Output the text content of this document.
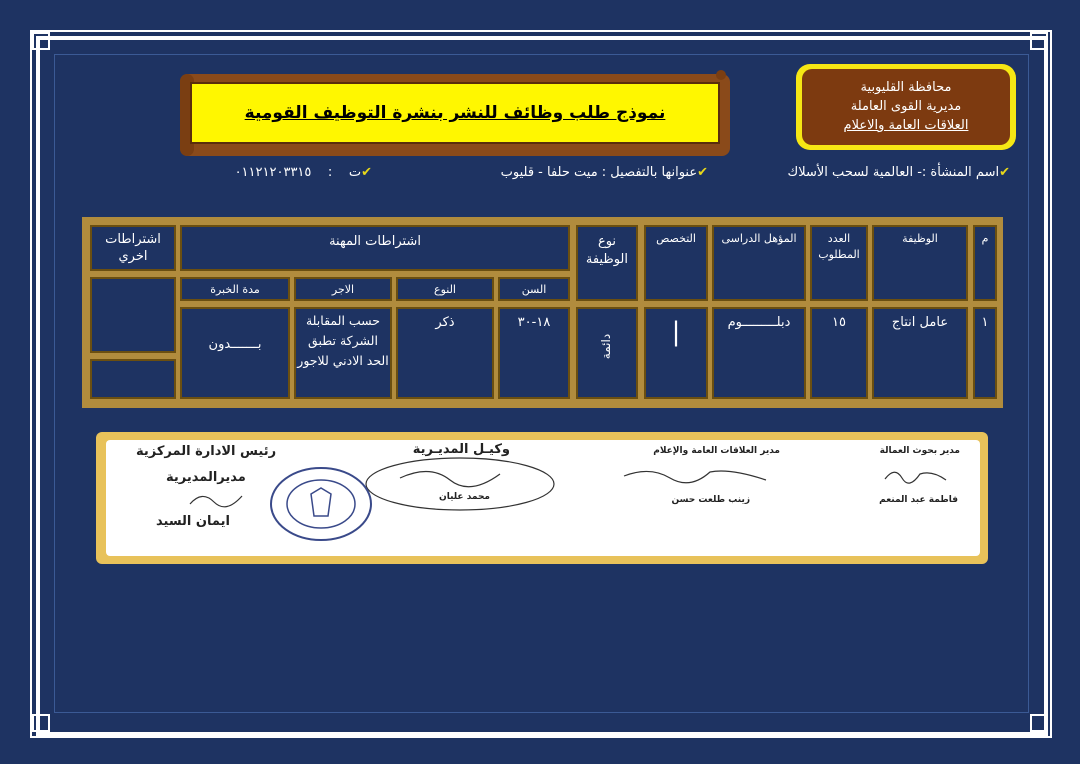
نموذج طلب وظائف للنشر بنشرة التوظيف القومية
محافظة القليوبية
مديرية القوى العاملة
العلاقات العامة والاعلام
✔اسم المنشأة :- العالمية لسحب الأسلاك
✔عنوانها بالتفصيل : ميت حلفا - قليوب
✔ت    :    ٠١١٢١٢٠٣٣١٥
م
الوظيفة
العدد المطلوب
المؤهل الدراسى
التخصص
نوع الوظيفة
اشتراطات المهنة
اشتراطات اخري
السن
النوع
الاجر
مدة الخبرة
١
عامل انتاج
١٥
دبلـــــــــوم
|
دائمة
١٨-٣٠
ذكر
حسب المقابلة الشركة تطبق الحد الادني للاجور
بـــــــدون
مدير بحوث العمالة
فاطمة عبد المنعم
مدير العلاقات العامة والإعلام
زينب طلعت حسن
وكيـل المديـرية
محمد عليان
رئيس الادارة المركزية
مديرالمديرية
ايمان السيد
